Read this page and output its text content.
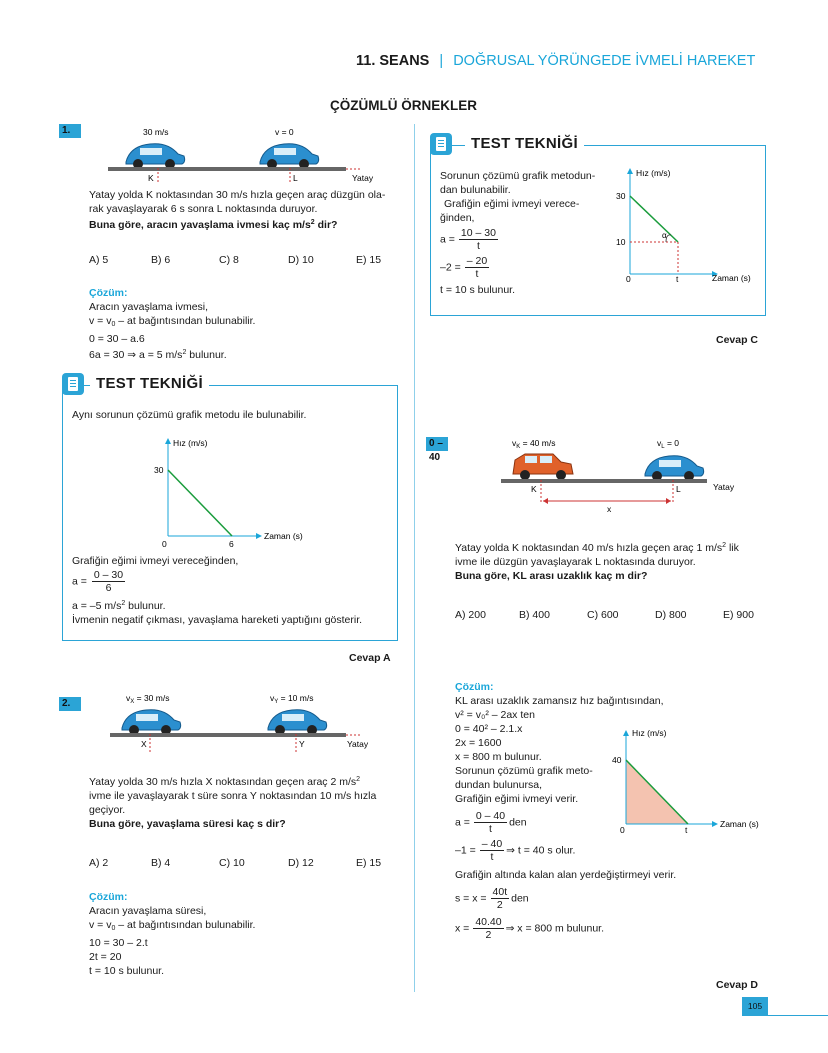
11. SEANS | DOĞRUSAL YÖRÜNGEDE İVMELİ HAREKET
ÇÖZÜMLÜ ÖRNEKLER
1.	30 m/s	v = 0
K	L	Yatay
Yatay yolda K noktasından 30 m/s hızla geçen araç düzgün ola-
rak yavaşlayarak 6 s sonra L noktasında duruyor.
Buna göre, aracın yavaşlama ivmesi kaç $m/s^2$ dir?
A) 5	B) 6	C) 8	D) 10	E) 15
Çözüm:
Aracın yavaşlama ivmesi,
$v = v_0$ – at bağıntısından bulunabilir.
0 = 30 – a.6
6a = 30 ⇒ a = 5 $m/s^2$ bulunur.
TEST TEKNİĞİ
Aynı sorunun çözümü grafik metodu ile bulunabilir.
Hız (m/s)
Zaman (s)
30
0	6
Grafiğin eğimi ivmeyi vereceğinden,
$a = \frac{0 - 30}{6}$
a = –5 $m/s^2$ bulunur.
İvmenin negatif çıkması, yavaşlama hareketi yaptığını gösterir.
Cevap A
2.	$v_X = 30$ m/s	$v_Y = 10$ m/s
X	Y	Yatay
Yatay yolda 30 m/s hızla X noktasından geçen araç 2 $m/s^2$
ivme ile yavaşlayarak t süre sonra Y noktasından 10 m/s hızla
geçiyor.
Buna göre, yavaşlama süresi kaç s dir?
A) 2	B) 4	C) 10	D) 12	E) 15
Çözüm:
Aracın yavaşlama süresi,
$v = v_0$ – at bağıntısından bulunabilir.
10 = 30 – 2.t
2t = 20
t = 10 s bulunur.
TEST TEKNİĞİ
Sorunun çözümü grafik metodun-
dan bulunabilir.
Grafiğin eğimi ivmeyi verece-
ğinden,
$a = \frac{10 - 30}{t}$
$-2 = \frac{- 20}{t}$
t = 10 s bulunur.
α
Hız (m/s)
Zaman (s)
30
10
0	t
Cevap C
0 – 40
$v_K = 40$ m/s	$v_L = 0$
K	L	Yatay
x
Yatay yolda K noktasından 40 m/s hızla geçen araç 1 $m/s^2$ lik
ivme ile düzgün yavaşlayarak L noktasında duruyor.
Buna göre, KL arası uzaklık kaç m dir?
A) 200	B) 400	C) 600	D) 800	E) 900
Çözüm:
KL arası uzaklık zamansız hız bağıntısından,
v² = v₀² – 2ax ten
0 = 40² – 2.1.x
2x = 1600
x = 800 m bulunur.
Sorunun çözümü grafik meto-
dundan bulunursa,
Grafiğin eğimi ivmeyi verir.
$a = \frac{0 - 40}{t}$ den
$-1 = \frac{- 40}{t}$ ⇒ t = 40 s olur.
Grafiğin altında kalan alan yerdeğiştirmeyi verir.
$s = x = \frac{40t}{2}$ den
$x = \frac{40.40}{2}$ ⇒ x = 800 m bulunur.
Hız (m/s)
Zaman (s)
40
0	t
Cevap D
105
